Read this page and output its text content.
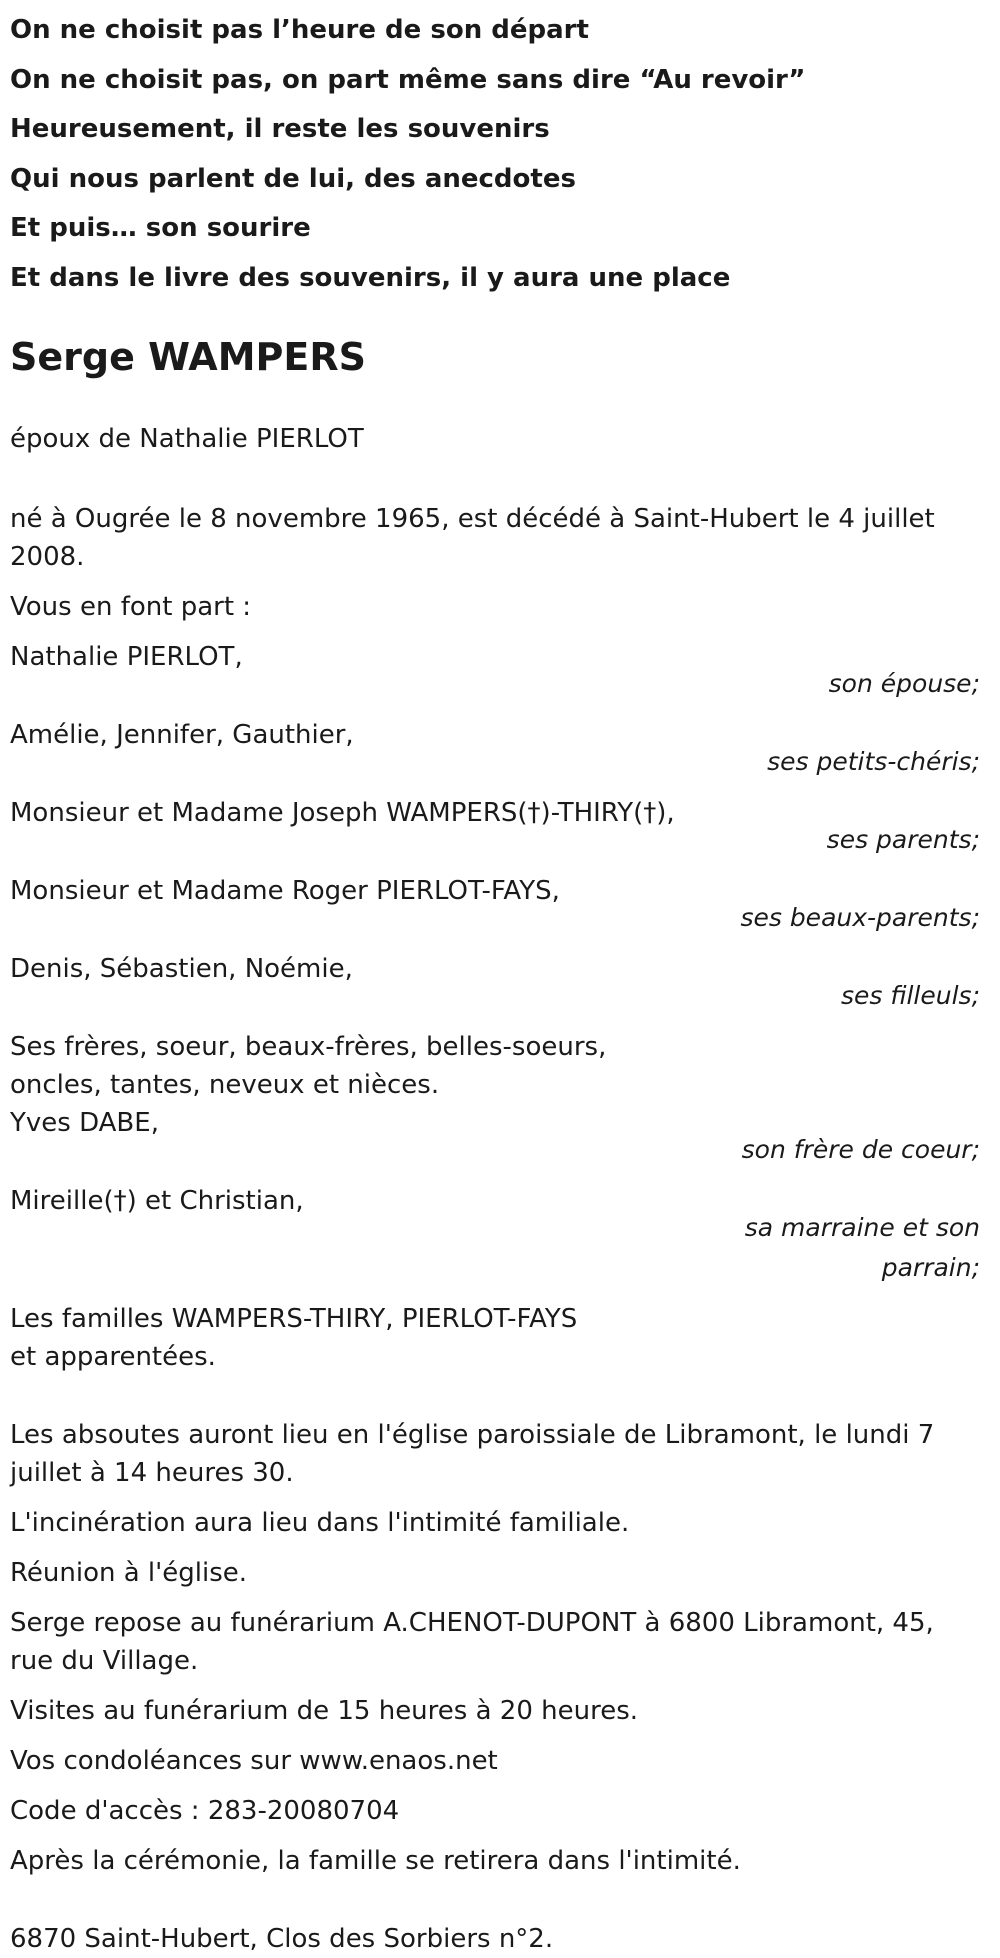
On ne choisit pas l’heure de son départ

On ne choisit pas, on part même sans dire “Au revoir”

Heureusement, il reste les souvenirs

Qui nous parlent de lui, des anecdotes

Et puis… son sourire

Et dans le livre des souvenirs, il y aura une place

Serge WAMPERS

époux de Nathalie PIERLOT

né à Ougrée le 8 novembre 1965, est décédé à Saint-Hubert le 4 juillet 2008.

Vous en font part :

Nathalie PIERLOT,
son épouse;
Amélie, Jennifer, Gauthier,
ses petits-chéris;
Monsieur et Madame Joseph WAMPERS(†)-THIRY(†),
ses parents;
Monsieur et Madame Roger PIERLOT-FAYS,
ses beaux-parents;
Denis, Sébastien, Noémie,
ses filleuls;
Ses frères, soeur, beaux-frères, belles-soeurs,
oncles, tantes, neveux et nièces.
Yves DABE,
son frère de coeur;
Mireille(†) et Christian,
sa marraine et son
parrain;
Les familles WAMPERS-THIRY, PIERLOT-FAYS
et apparentées.

Les absoutes auront lieu en l'église paroissiale de Libramont, le lundi 7 juillet à 14 heures 30.

L'incinération aura lieu dans l'intimité familiale.

Réunion à l'église.

Serge repose au funérarium A.CHENOT-DUPONT à 6800 Libramont, 45, rue du Village.

Visites au funérarium de 15 heures à 20 heures.

Vos condoléances sur www.enaos.net

Code d'accès : 283-20080704

Après la cérémonie, la famille se retirera dans l'intimité.

6870 Saint-Hubert, Clos des Sorbiers n°2.
